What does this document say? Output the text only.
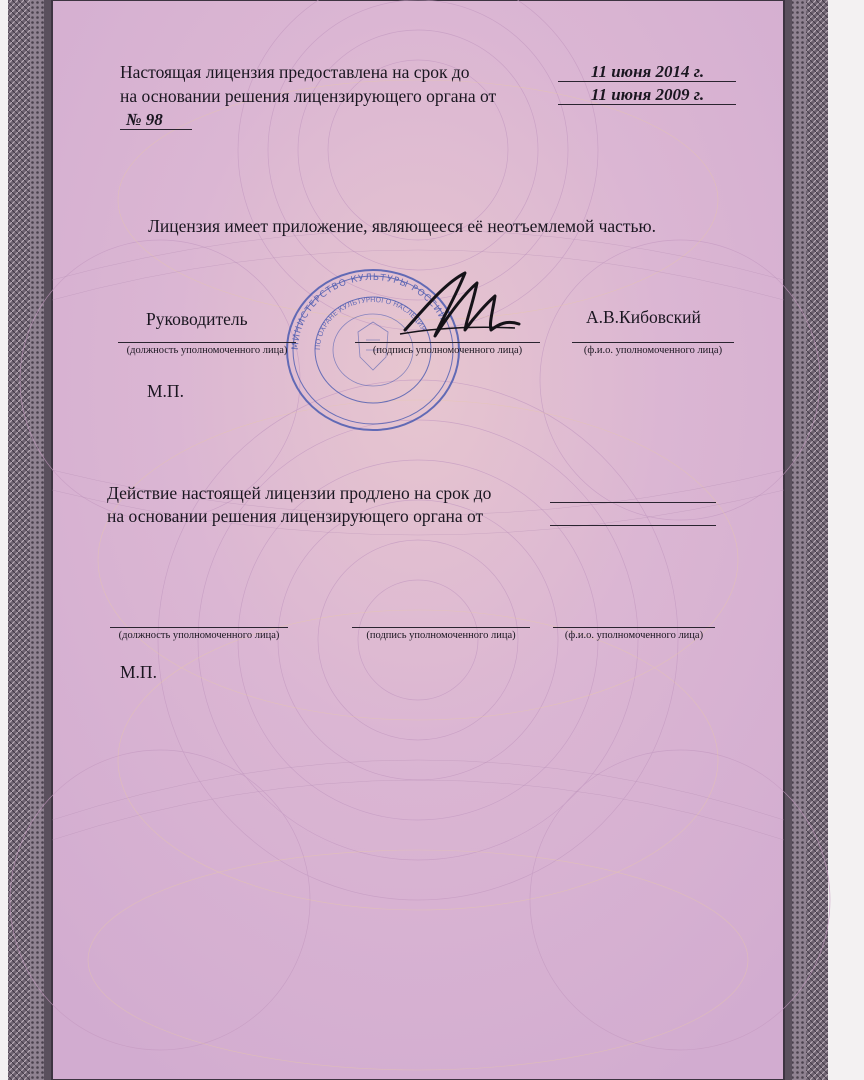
Настоящая лицензия предоставлена на срок до	11 июня 2014 г.
на основании решения лицензирующего органа от	11 июня 2009 г.
№ 98
Лицензия имеет приложение, являющееся её неотъемлемой частью.
МИНИСТЕРСТВО КУЛЬТУРЫ РОССИИ
ПО ОХРАНЕ КУЛЬТУРНОГО НАСЛЕДИЯ
Руководитель	А.В.Кибовский
(должность уполномоченного лица)	(подпись уполномоченного лица)	(ф.и.о. уполномоченного лица)
М.П.
Действие настоящей лицензии продлено на срок до
на основании решения лицензирующего органа от
(должность уполномоченного лица)	(подпись уполномоченного лица)	(ф.и.о. уполномоченного лица)
М.П.
